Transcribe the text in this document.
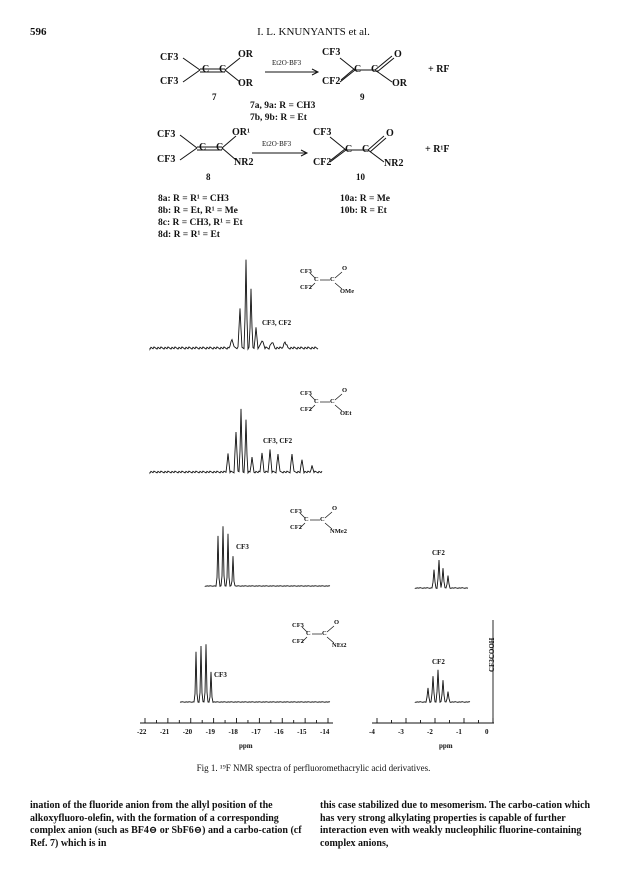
596	I. L. KNUNYANTS et al.
CF3
CF3
C C
OR
OR
Et2O·BF3
CF3
CF2
C C
O
OR
+ RF
7	9
7a, 9a: R = CH3
7b, 9b: R = Et
CF3
CF3
C C
OR¹
NR2
Et2O·BF3
CF3
CF2
C C
O
NR2
+ R¹F
8	10
8a: R = R¹ = CH3
8b: R = Et, R¹ = Me
8c: R = CH3, R¹ = Et
8d: R = R¹ = Et
10a: R = Me
10b: R = Et
CF3, CF2
CF3, CF2
CF3
CF2
CF3
CF2
CF3
CF2
C C
O
OMe
CF3
CF2
C C
O
OEt
CF3
CF2
C C
O
NMe2
CF3
CF2
C C
O
NEt2	CF3COOH
-22 -21 -20 -19 -18 -17 -16 -15 -14	-4	-3	-2	-1	0
ppm	ppm
Fig 1. ¹⁹F NMR spectra of perfluoromethacrylic acid derivatives.
ination of the fluoride anion from the allyl position of the alkoxyfluoro-olefin, with the formation of a corresponding complex anion (such as BF4⊖ or SbF6⊖) and a carbo-cation (cf Ref. 7) which is in
this case stabilized due to mesomerism. The carbo-cation which has very strong alkylating properties is capable of further interaction even with weakly nucleophilic fluorine-containing complex anions,
